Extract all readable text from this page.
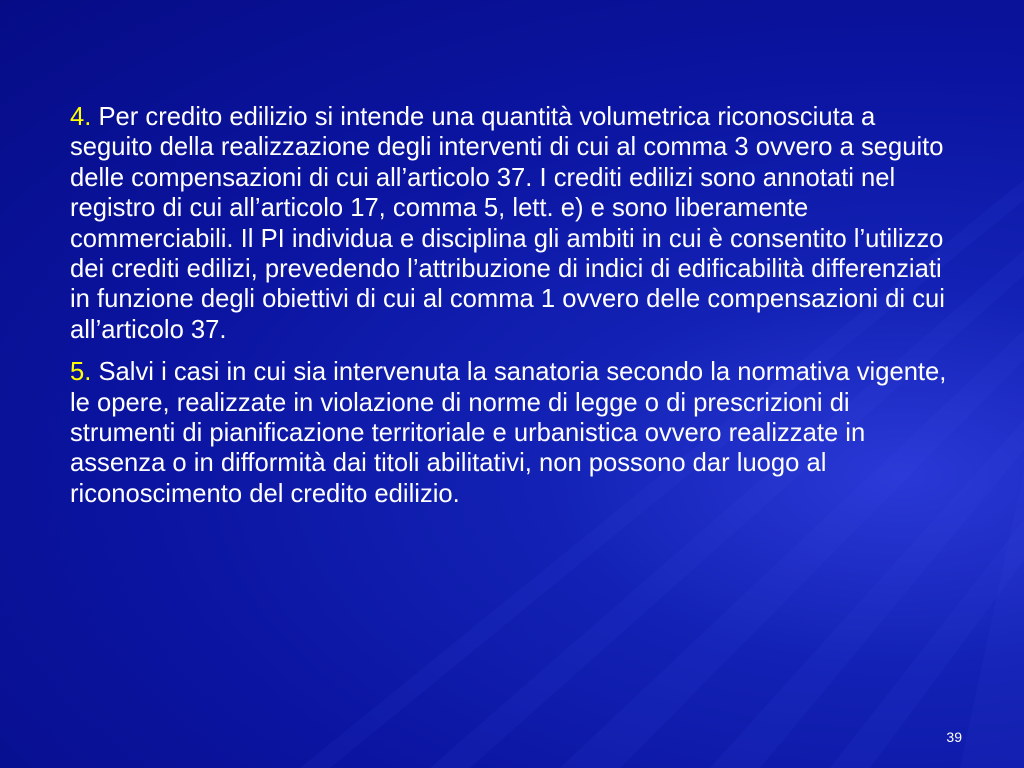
4. Per credito edilizio si intende una quantità volumetrica riconosciuta a seguito della realizzazione degli interventi di cui al comma 3 ovvero a seguito delle compensazioni di cui all’articolo 37. I crediti edilizi sono annotati nel registro di cui all’articolo 17, comma 5, lett. e) e sono liberamente commerciabili. Il PI individua e disciplina gli ambiti in cui è consentito l’utilizzo dei crediti edilizi, prevedendo l’attribuzione di indici di edificabilità differenziati in funzione degli obiettivi di cui al comma 1 ovvero delle compensazioni di cui all’articolo 37.

5. Salvi i casi in cui sia intervenuta la sanatoria secondo la normativa vigente, le opere, realizzate in violazione di norme di legge o di prescrizioni di strumenti di pianificazione territoriale e urbanistica ovvero realizzate in assenza o in difformità dai titoli abilitativi, non possono dar luogo al riconoscimento del credito edilizio.

39
